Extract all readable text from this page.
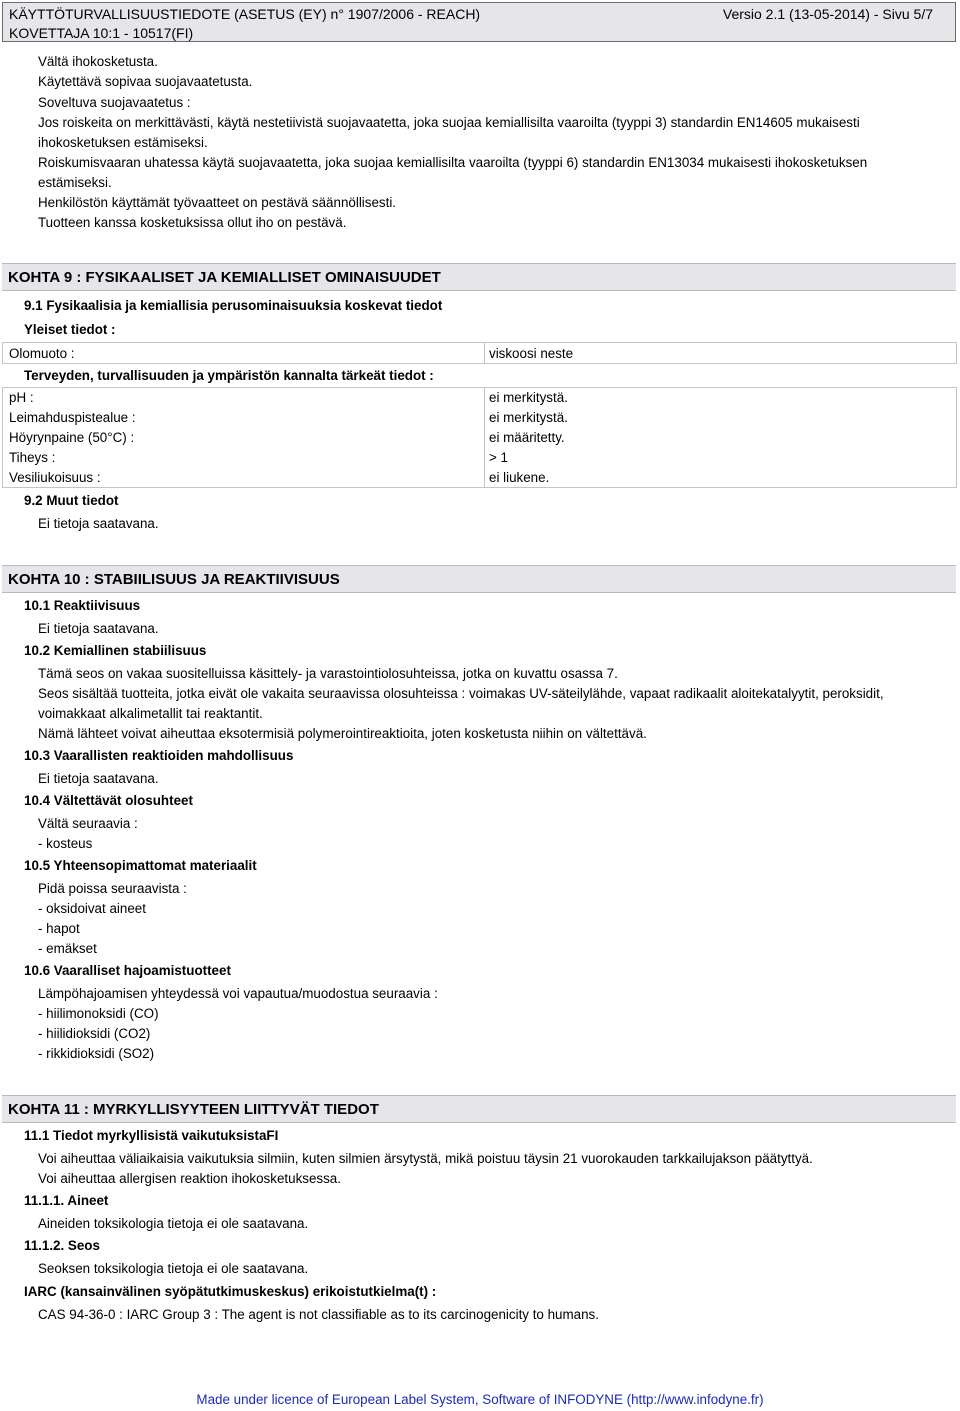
KÄYTTÖTURVALLISUUSTIEDOTE (ASETUS (EY) n° 1907/2006 - REACH)	Versio 2.1 (13-05-2014) - Sivu 5/7
KOVETTAJA 10:1 - 10517(FI)
Vältä ihokosketusta.
Käytettävä sopivaa suojavaatetusta.
Soveltuva suojavaatetus :
Jos roiskeita on merkittävästi, käytä nestetiivistä suojavaatetta, joka suojaa kemiallisilta vaaroilta (tyyppi 3) standardin EN14605 mukaisesti
ihokosketuksen estämiseksi.
Roiskumisvaaran uhatessa käytä suojavaatetta, joka suojaa kemiallisilta vaaroilta (tyyppi 6) standardin EN13034 mukaisesti ihokosketuksen
estämiseksi.
Henkilöstön käyttämät työvaatteet on pestävä säännöllisesti.
Tuotteen kanssa kosketuksissa ollut iho on pestävä.
KOHTA 9 : FYSIKAALISET JA KEMIALLISET OMINAISUUDET
9.1 Fysikaalisia ja kemiallisia perusominaisuuksia koskevat tiedot
Yleiset tiedot :
Olomuoto :	viskoosi neste
Terveyden, turvallisuuden ja ympäristön kannalta tärkeät tiedot :
pH :	ei merkitystä.
Leimahduspistealue :	ei merkitystä.
Höyrynpaine (50°C) :	ei määritetty.
Tiheys :	> 1
Vesiliukoisuus :	ei liukene.
9.2 Muut tiedot
Ei tietoja saatavana.
KOHTA 10 : STABIILISUUS JA REAKTIIVISUUS
10.1 Reaktiivisuus
Ei tietoja saatavana.
10.2 Kemiallinen stabiilisuus
Tämä seos on vakaa suositelluissa käsittely- ja varastointiolosuhteissa, jotka on kuvattu osassa 7.
Seos sisältää tuotteita, jotka eivät ole vakaita seuraavissa olosuhteissa : voimakas UV-säteilylähde, vapaat radikaalit aloitekatalyytit, peroksidit,
voimakkaat alkalimetallit tai reaktantit.
Nämä lähteet voivat aiheuttaa eksotermisiä polymerointireaktioita, joten kosketusta niihin on vältettävä.
10.3 Vaarallisten reaktioiden mahdollisuus
Ei tietoja saatavana.
10.4 Vältettävät olosuhteet
Vältä seuraavia :
- kosteus
10.5 Yhteensopimattomat materiaalit
Pidä poissa seuraavista :
- oksidoivat aineet
- hapot
- emäkset
10.6 Vaaralliset hajoamistuotteet
Lämpöhajoamisen yhteydessä voi vapautua/muodostua seuraavia :
- hiilimonoksidi (CO)
- hiilidioksidi (CO2)
- rikkidioksidi (SO2)
KOHTA 11 : MYRKYLLISYYTEEN LIITTYVÄT TIEDOT
11.1 Tiedot myrkyllisistä vaikutuksistaFI
Voi aiheuttaa väliaikaisia vaikutuksia silmiin, kuten silmien ärsytystä, mikä poistuu täysin 21 vuorokauden tarkkailujakson päätyttyä.
Voi aiheuttaa allergisen reaktion ihokosketuksessa.
11.1.1. Aineet
Aineiden toksikologia tietoja ei ole saatavana.
11.1.2. Seos
Seoksen toksikologia tietoja ei ole saatavana.
IARC (kansainvälinen syöpätutkimuskeskus) erikoistutkielma(t) :
CAS 94-36-0 : IARC Group 3 : The agent is not classifiable as to its carcinogenicity to humans.
Made under licence of European Label System, Software of INFODYNE (http://www.infodyne.fr)
